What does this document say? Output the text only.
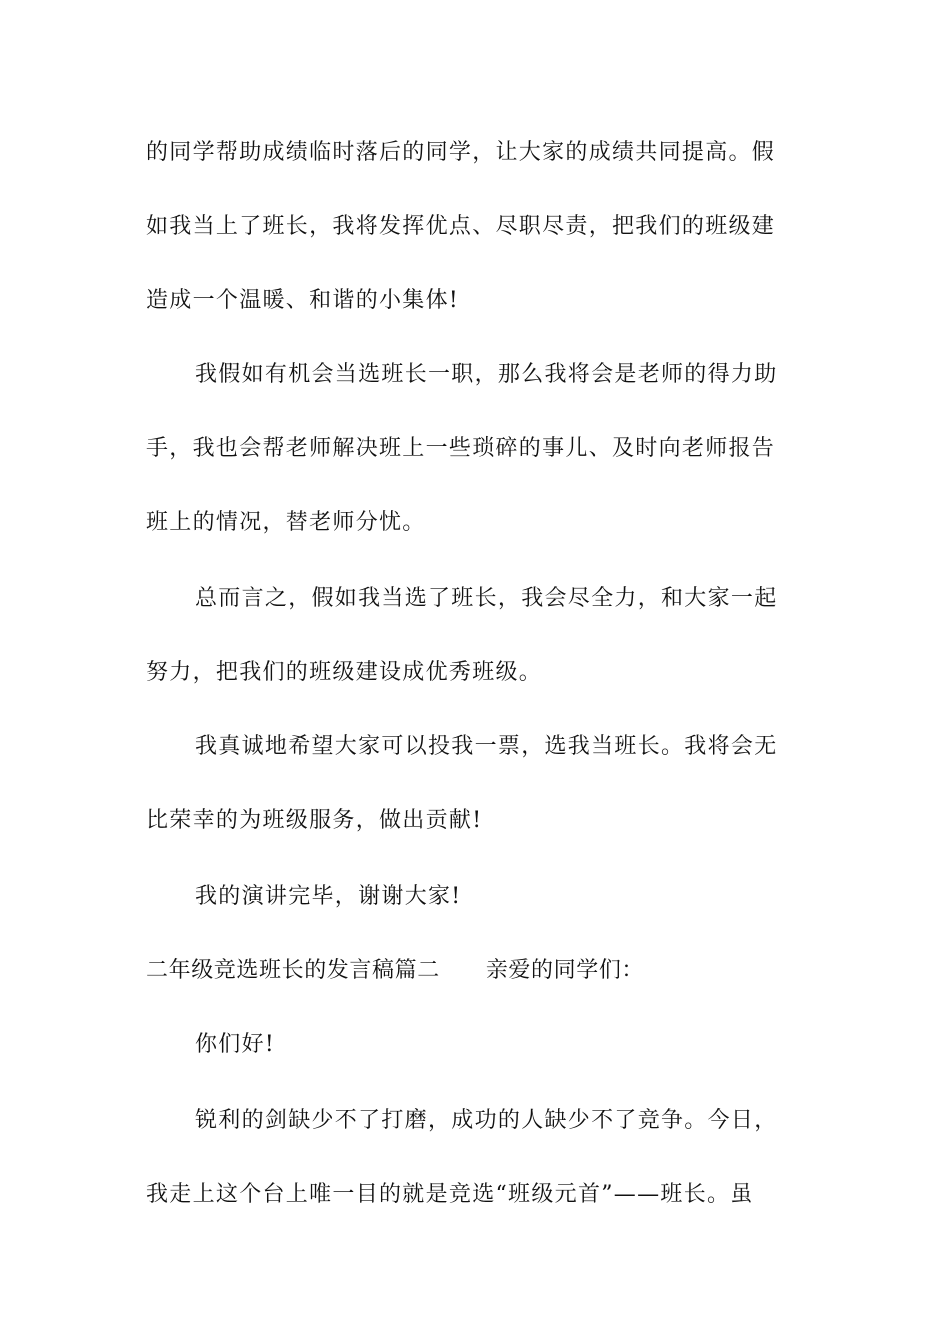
的同学帮助成绩临时落后的同学，让大家的成绩共同提高。假
如我当上了班长，我将发挥优点、尽职尽责，把我们的班级建
造成一个温暖、和谐的小集体!
我假如有机会当选班长一职，那么我将会是老师的得力助
手，我也会帮老师解决班上一些琐碎的事儿、及时向老师报告
班上的情况，替老师分忧。
总而言之，假如我当选了班长，我会尽全力，和大家一起
努力，把我们的班级建设成优秀班级。
我真诚地希望大家可以投我一票，选我当班长。我将会无
比荣幸的为班级服务，做出贡献!
我的演讲完毕，谢谢大家!
二年级竞选班长的发言稿篇二 亲爱的同学们：
你们好!
锐利的剑缺少不了打磨，成功的人缺少不了竞争。今日，
我走上这个台上唯一目的就是竞选“班级元首”——班长。虽
